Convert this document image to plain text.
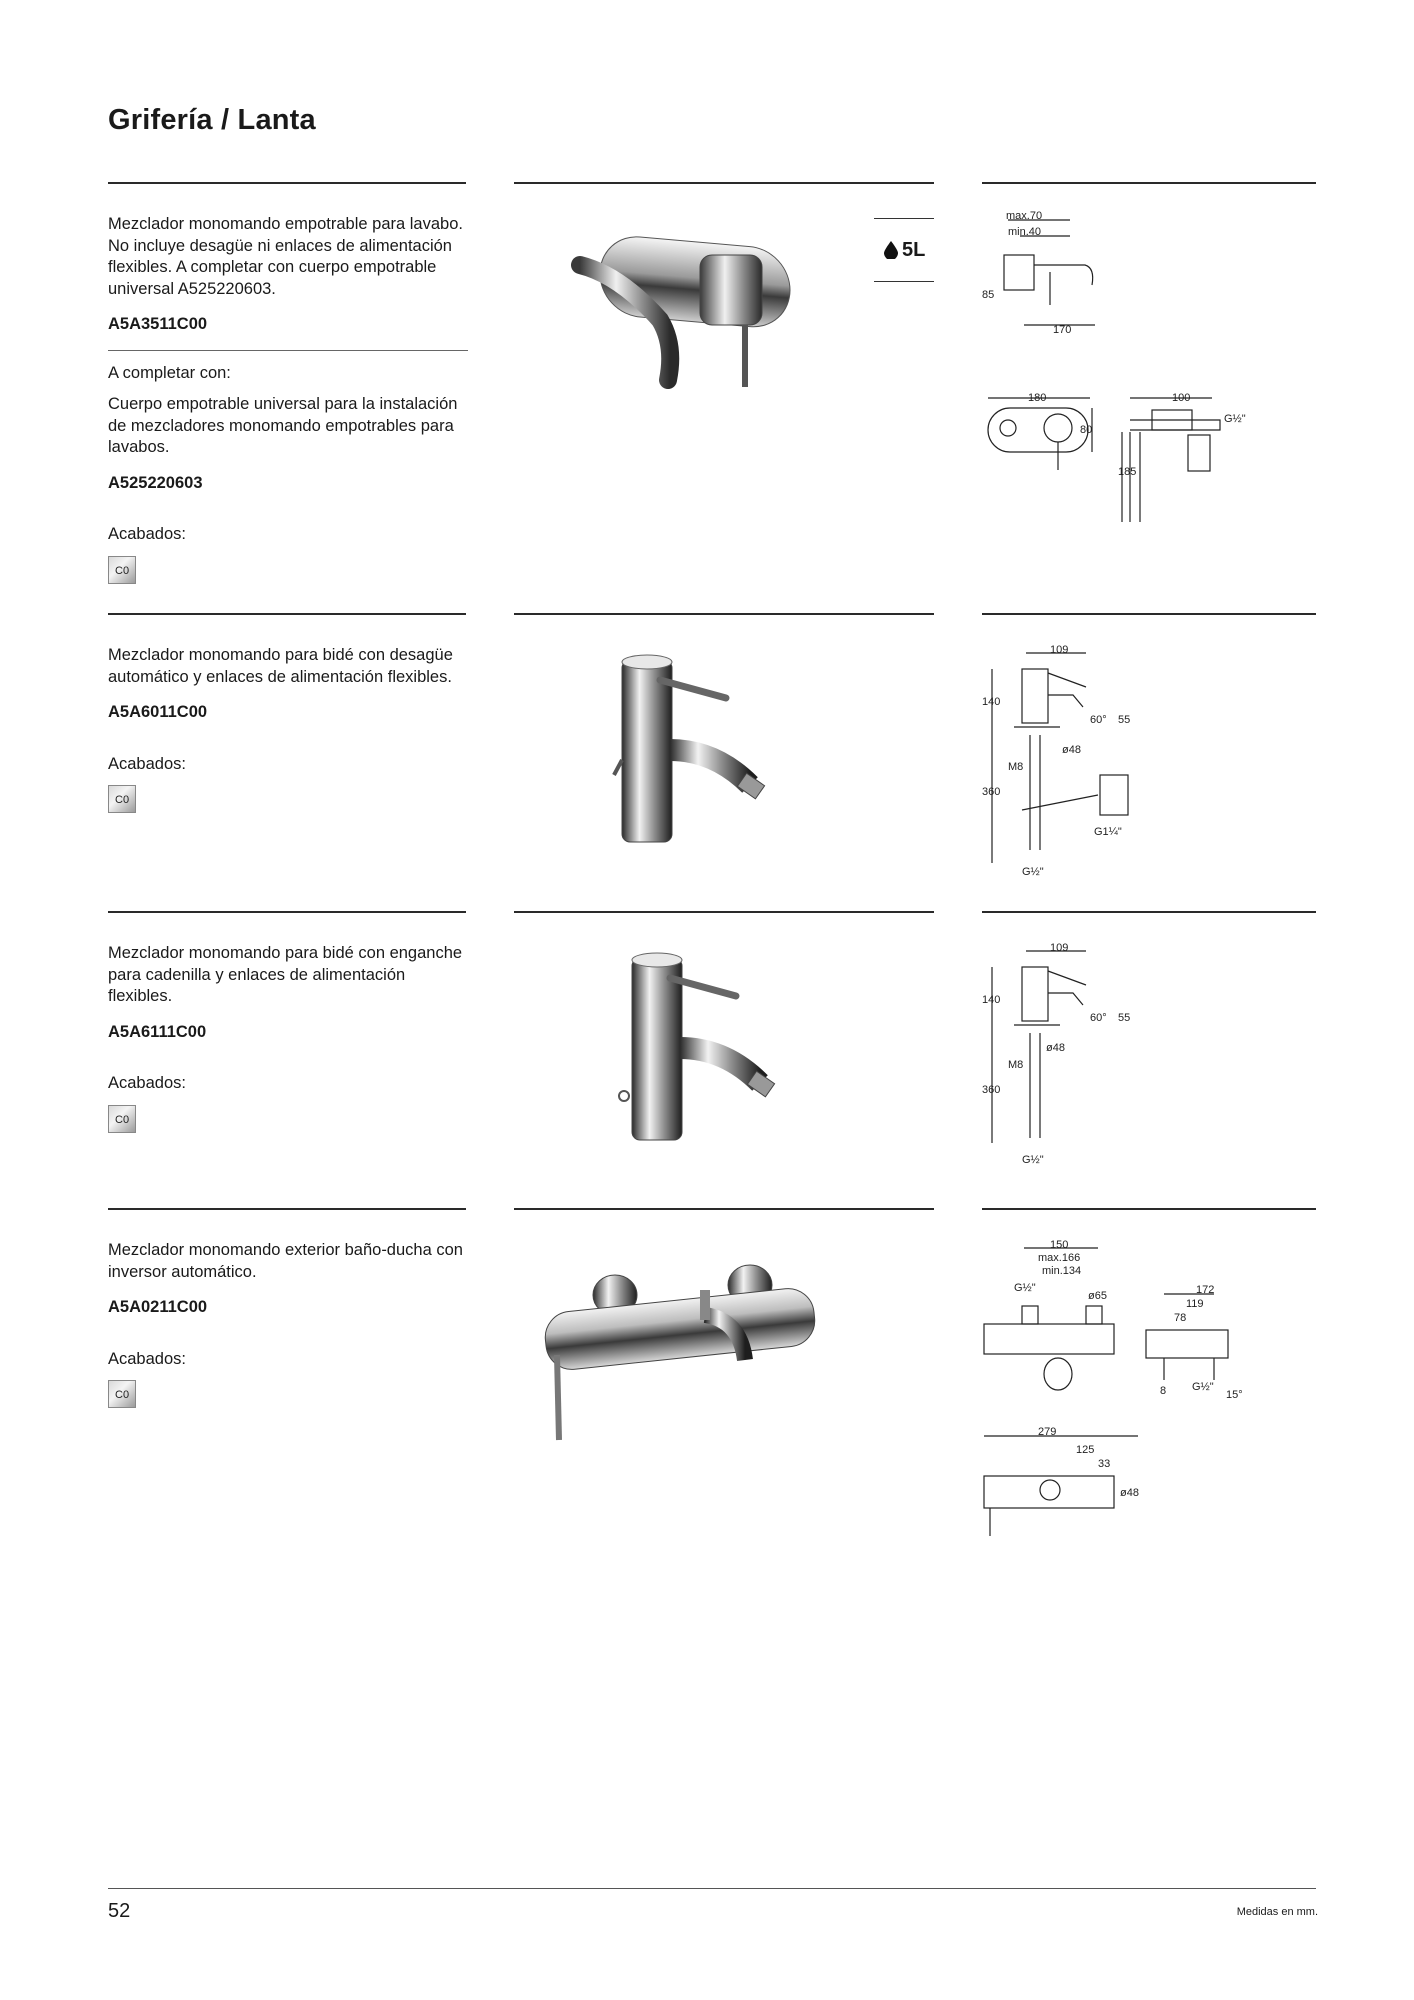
Grifería / Lanta
Mezclador monomando empotrable para lavabo. No incluye desagüe ni enlaces de alimentación flexibles. A completar con cuerpo empotrable universal A525220603.
A5A3511C00
A completar con:
Cuerpo empotrable universal para la instalación de mezcladores monomando empotrables para lavabos.
A525220603
Acabados:
C0
5L
max.70
min.40
85
170
180
80
100
G½"
185
Mezclador monomando para bidé con desagüe automático y enlaces de alimentación flexibles.
A5A6011C00
Acabados:
C0
109
140
60° 55
ø48
M8
360
G1¼"
G½"
Mezclador monomando para bidé con enganche para cadenilla y enlaces de alimentación flexibles.
A5A6111C00
Acabados:
C0
109
140
60° 55
ø48
M8
360
G½"
Mezclador monomando exterior baño-ducha con inversor automático.
A5A0211C00
Acabados:
C0
150
max.166
min.134
G½"
ø65	172
119
78
8 G½"
15°
279
125
33
ø48
52	Medidas en mm.
